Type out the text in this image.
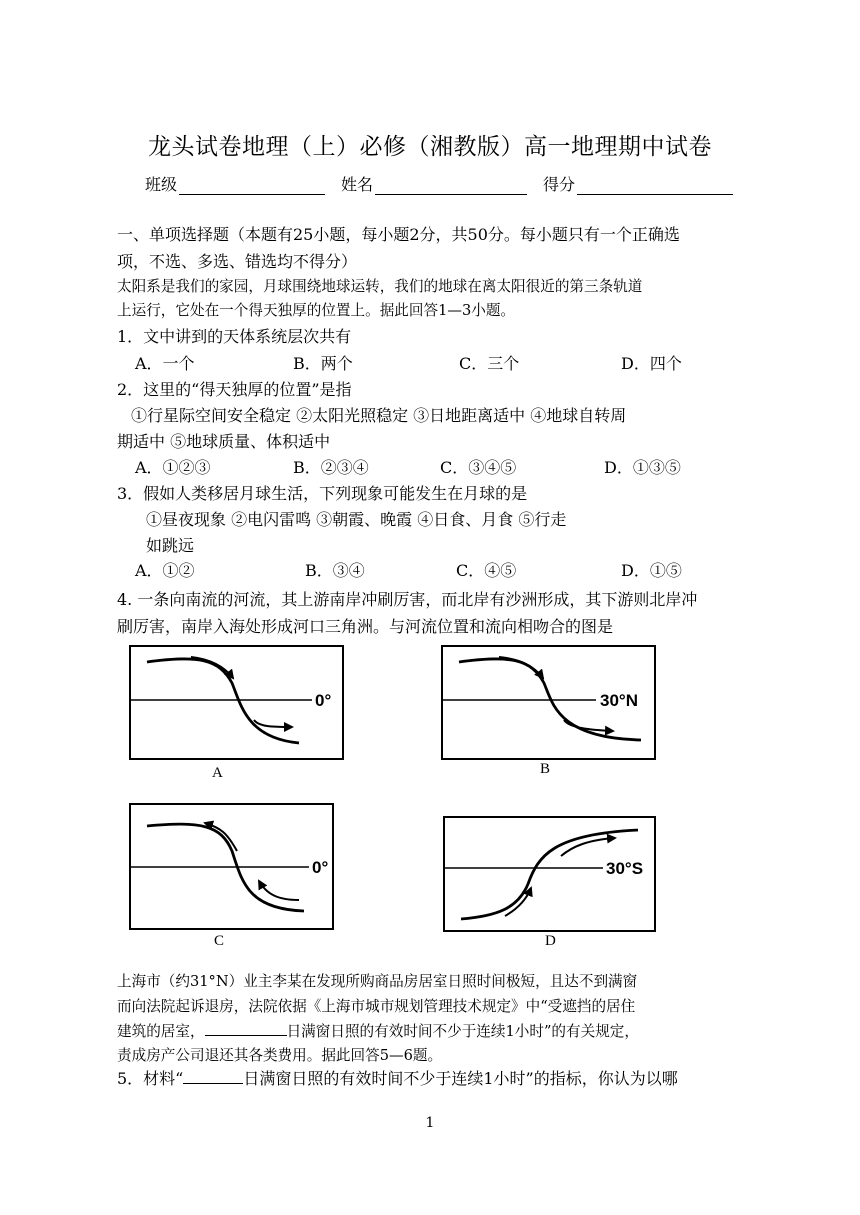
龙头试卷地理（上）必修（湘教版）高一地理期中试卷
班级	姓名	得分
一、单项选择题（本题有25小题，每小题2分，共50分。每小题只有一个正确选
项，不选、多选、错选均不得分）
太阳系是我们的家园，月球围绕地球运转，我们的地球在离太阳很近的第三条轨道
上运行，它处在一个得天独厚的位置上。据此回答1—3小题。
1．文中讲到的天体系统层次共有
A．一个	B．两个	C．三个	D．四个
2．这里的“得天独厚的位置”是指
①行星际空间安全稳定 ②太阳光照稳定 ③日地距离适中 ④地球自转周
期适中 ⑤地球质量、体积适中
A．①②③	B．②③④	C．③④⑤	D．①③⑤
3．假如人类移居月球生活，下列现象可能发生在月球的是
①昼夜现象 ②电闪雷鸣 ③朝霞、晚霞 ④日食、月食 ⑤行走
如跳远
A．①②	B．③④	C．④⑤	D．①⑤
4. 一条向南流的河流，其上游南岸冲刷厉害，而北岸有沙洲形成，其下游则北岸冲
刷厉害，南岸入海处形成河口三角洲。与河流位置和流向相吻合的图是
0°
A
30°N
B
0°
C
30°S
D
上海市（约31°N）业主李某在发现所购商品房居室日照时间极短，且达不到满窗
而向法院起诉退房，法院依据《上海市城市规划管理技术规定》中“受遮挡的居住
建筑的居室，	日满窗日照的有效时间不少于连续1小时”的有关规定，
责成房产公司退还其各类费用。据此回答5—6题。
5．材料“	日满窗日照的有效时间不少于连续1小时”的指标，你认为以哪
1
